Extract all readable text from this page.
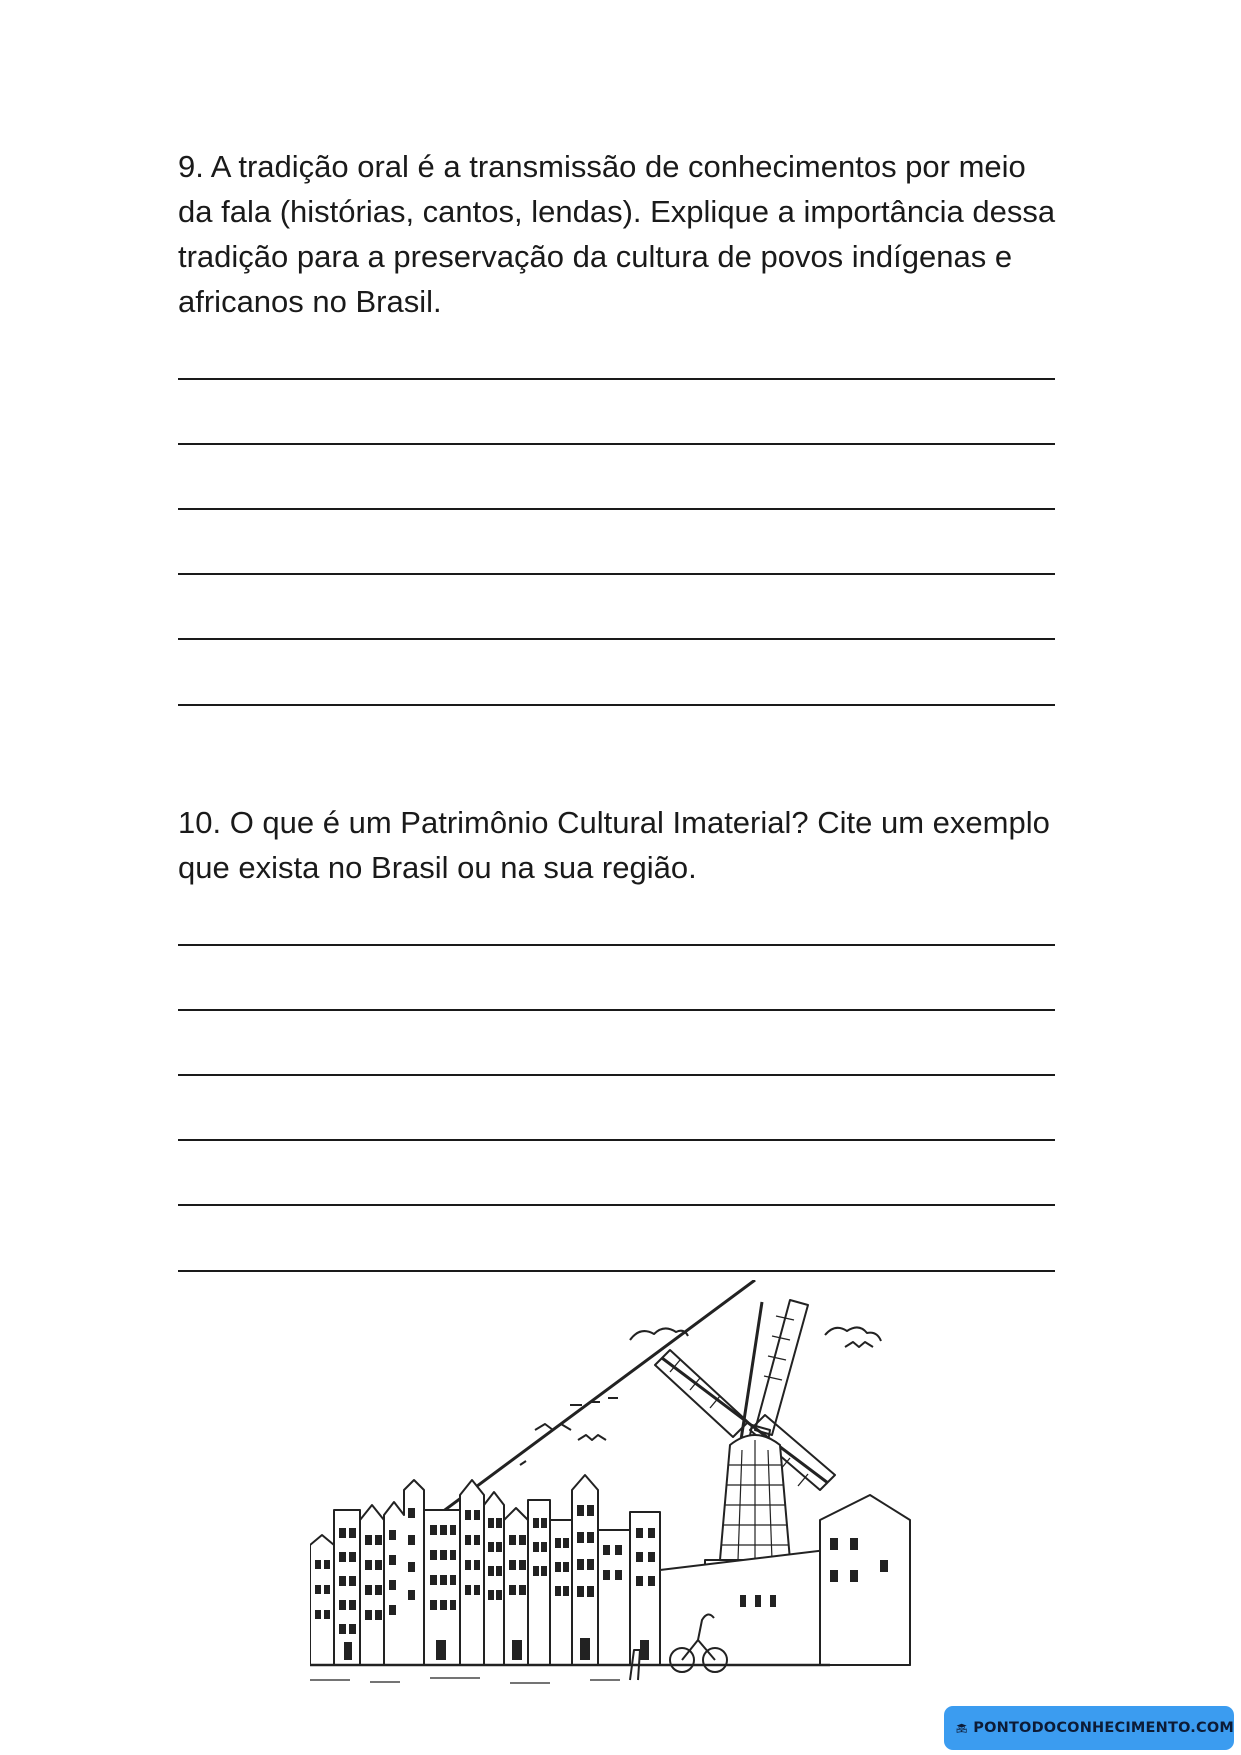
9. A tradição oral é a transmissão de conhecimentos por meio da fala (histórias, cantos, lendas). Explique a importância dessa tradição para a preservação da cultura de povos indígenas e africanos no Brasil.

10. O que é um Patrimônio Cultural Imaterial? Cite um exemplo que exista no Brasil ou na sua região.

PONTODOCONHECIMENTO.COM
